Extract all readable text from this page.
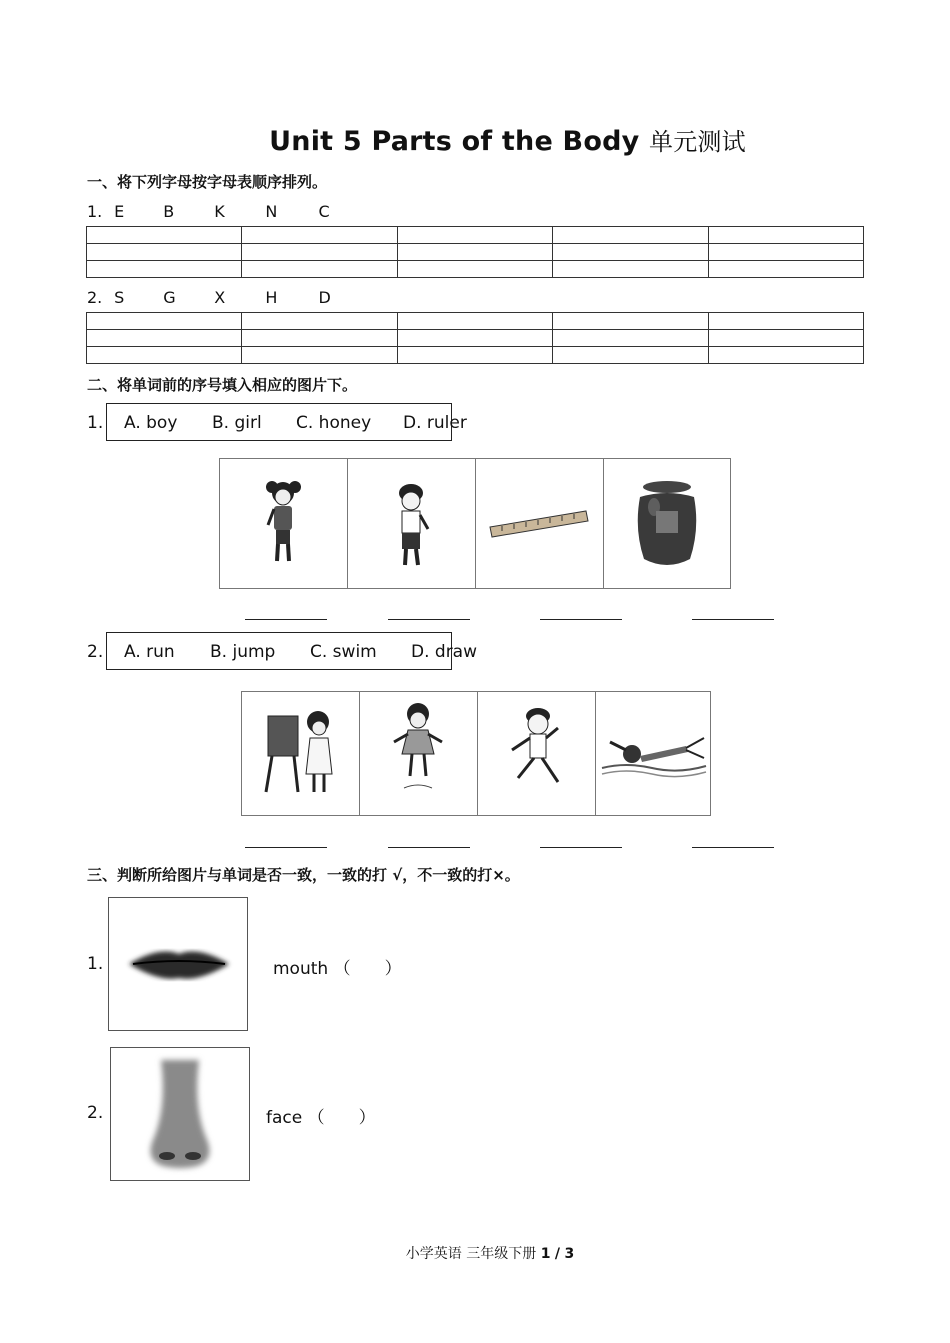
Unit 5 Parts of the Body 单元测试
一、将下列字母按字母表顺序排列。
1. E B	K	N	C

2. S G X	H	D

二、将单词前的序号填入相应的图片下。
1. A. boy B. girl C. honey D. ruler
2. A. run B. jump C. swim D. draw
三、判断所给图片与单词是否一致，一致的打 √，不一致的打×。
1.	mouth （　　）
2.	face （　　）
小学英语 三年级下册 1 / 3
